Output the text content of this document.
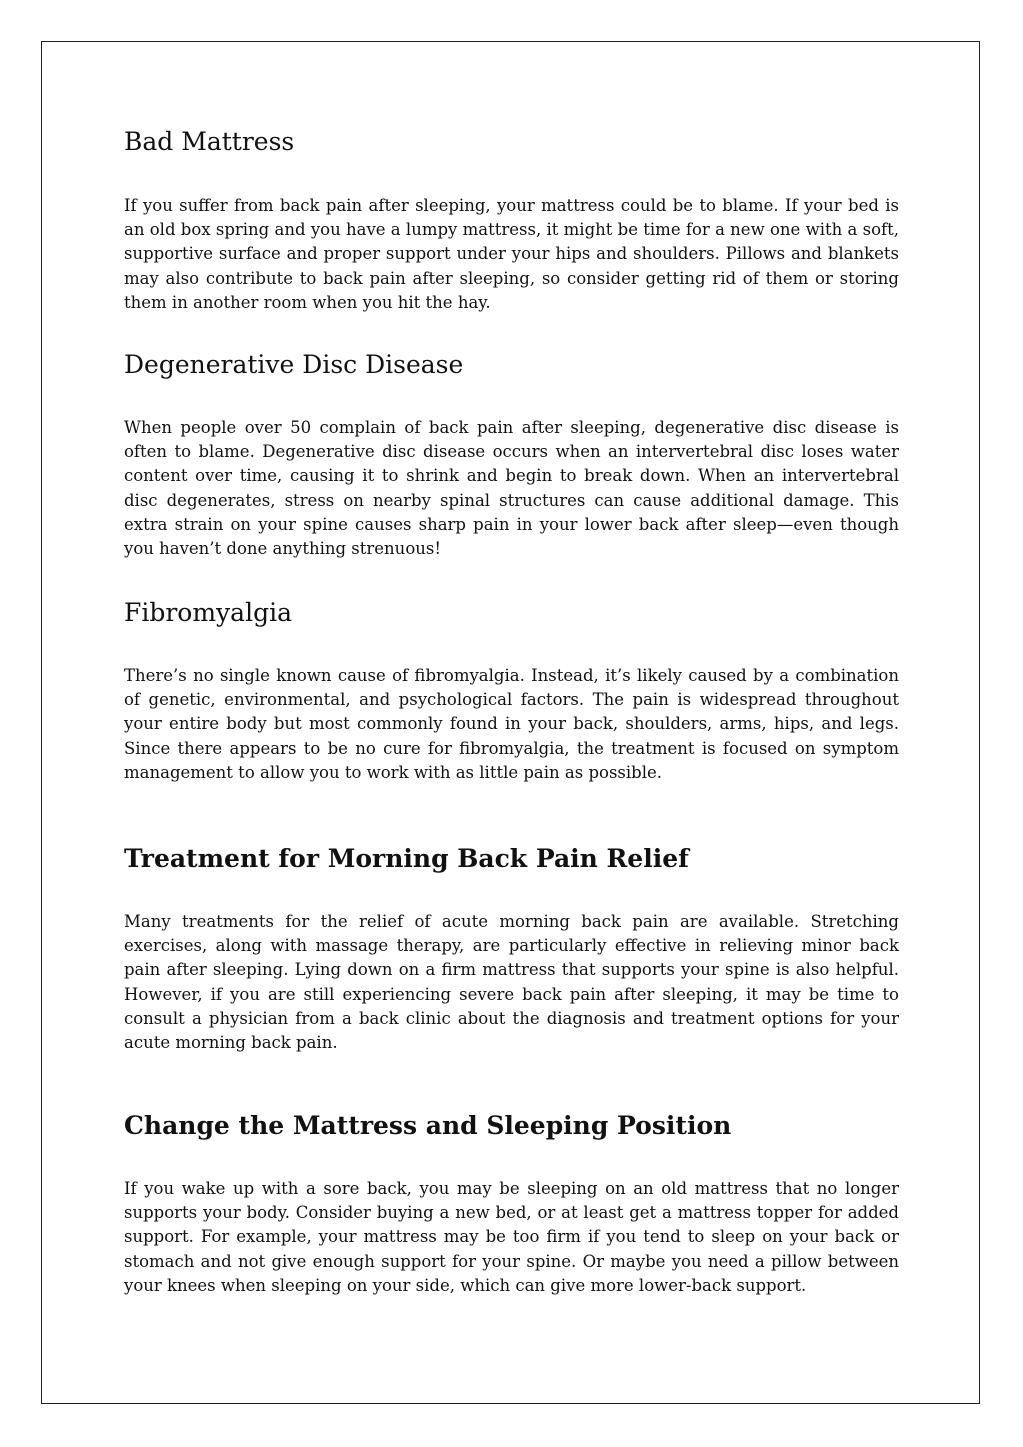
Bad Mattress

If you suffer from back pain after sleeping, your mattress could be to blame. If your bed is an old box spring and you have a lumpy mattress, it might be time for a new one with a soft, supportive surface and proper support under your hips and shoulders. Pillows and blankets may also contribute to back pain after sleeping, so consider getting rid of them or storing them in another room when you hit the hay.

Degenerative Disc Disease

When people over 50 complain of back pain after sleeping, degenerative disc disease is often to blame. Degenerative disc disease occurs when an intervertebral disc loses water content over time, causing it to shrink and begin to break down. When an intervertebral disc degenerates, stress on nearby spinal structures can cause additional damage. This extra strain on your spine causes sharp pain in your lower back after sleep—even though you haven’t done anything strenuous!

Fibromyalgia

There’s no single known cause of fibromyalgia. Instead, it’s likely caused by a combination of genetic, environmental, and psychological factors. The pain is widespread throughout your entire body but most commonly found in your back, shoulders, arms, hips, and legs. Since there appears to be no cure for fibromyalgia, the treatment is focused on symptom management to allow you to work with as little pain as possible.

Treatment for Morning Back Pain Relief

Many treatments for the relief of acute morning back pain are available. Stretching exercises, along with massage therapy, are particularly effective in relieving minor back pain after sleeping. Lying down on a firm mattress that supports your spine is also helpful. However, if you are still experiencing severe back pain after sleeping, it may be time to consult a physician from a back clinic about the diagnosis and treatment options for your acute morning back pain.

Change the Mattress and Sleeping Position

If you wake up with a sore back, you may be sleeping on an old mattress that no longer supports your body. Consider buying a new bed, or at least get a mattress topper for added support. For example, your mattress may be too firm if you tend to sleep on your back or stomach and not give enough support for your spine. Or maybe you need a pillow between your knees when sleeping on your side, which can give more lower-back support.
